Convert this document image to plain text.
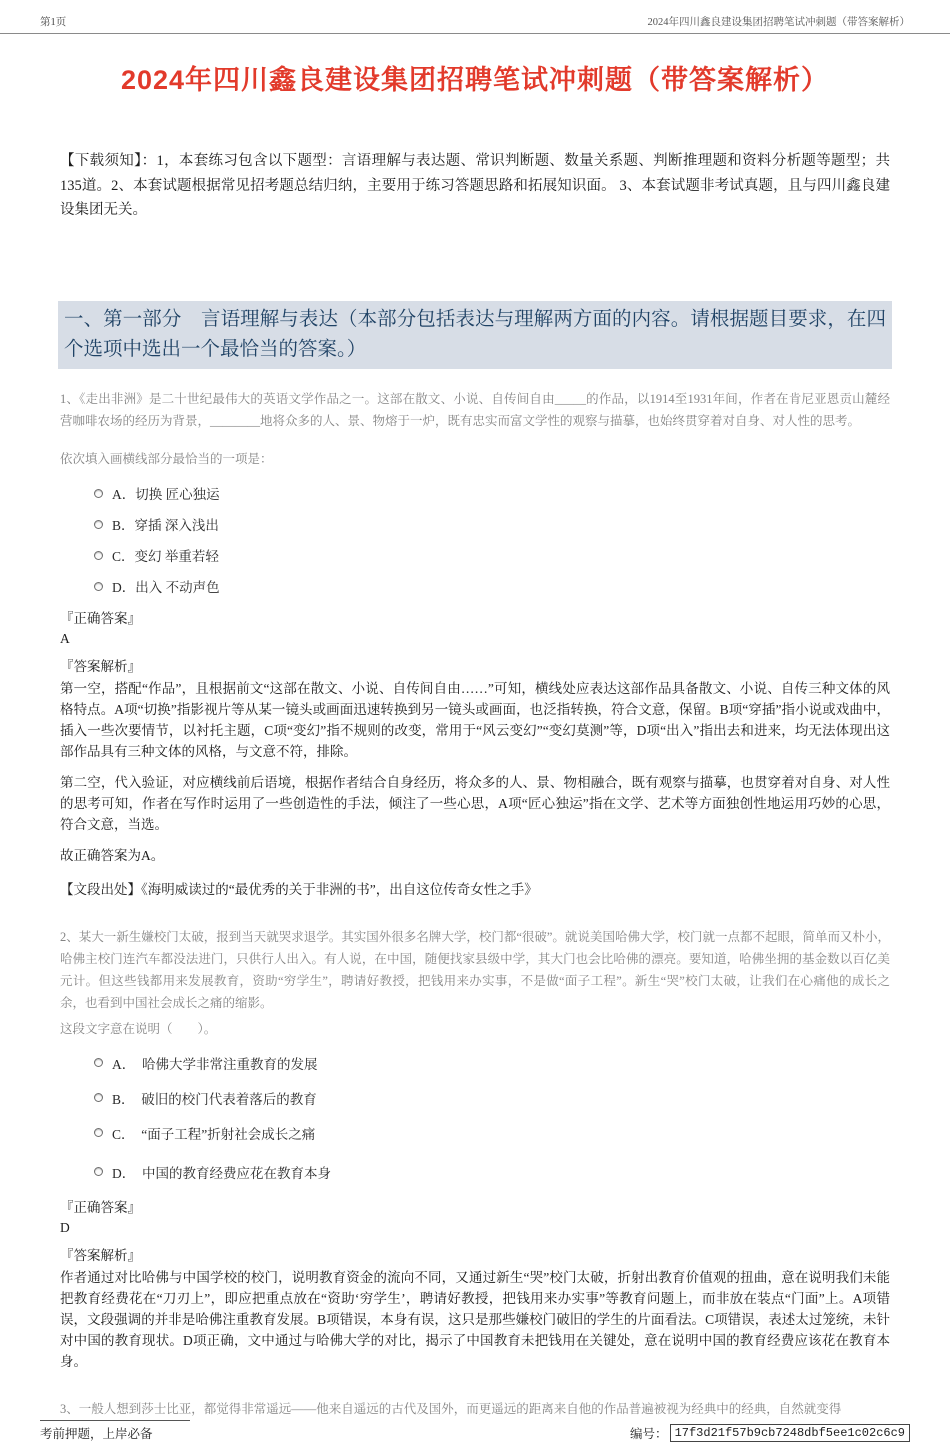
第1页	2024年四川鑫良建设集团招聘笔试冲刺题（带答案解析）
2024年四川鑫良建设集团招聘笔试冲刺题（带答案解析）

【下载须知】：1，本套练习包含以下题型：言语理解与表达题、常识判断题、数量关系题、判断推理题和资料分析题等题型；共135道。2、本套试题根据常见招考题总结归纳，主要用于练习答题思路和拓展知识面。 3、本套试题非考试真题，且与四川鑫良建设集团无关。

一、第一部分　言语理解与表达（本部分包括表达与理解两方面的内容。请根据题目要求，在四个选项中选出一个最恰当的答案。）

1、《走出非洲》是二十世纪最伟大的英语文学作品之一。这部在散文、小说、自传间自由_____的作品，以1914至1931年间，作者在肯尼亚恩贡山麓经营咖啡农场的经历为背景，________地将众多的人、景、物熔于一炉，既有忠实而富文学性的观察与描摹，也始终贯穿着对自身、对人性的思考。

依次填入画横线部分最恰当的一项是：

A．切换 匠心独运
B．穿插 深入浅出
C．变幻 举重若轻
D．出入 不动声色

『正确答案』

A

『答案解析』

第一空，搭配“作品”，且根据前文“这部在散文、小说、自传间自由……”可知，横线处应表达这部作品具备散文、小说、自传三种文体的风格特点。A项“切换”指影视片等从某一镜头或画面迅速转换到另一镜头或画面，也泛指转换，符合文意，保留。B项“穿插”指小说或戏曲中，插入一些次要情节，以衬托主题，C项“变幻”指不规则的改变，常用于“风云变幻”“变幻莫测”等，D项“出入”指出去和进来，均无法体现出这部作品具有三种文体的风格，与文意不符，排除。

第二空，代入验证，对应横线前后语境，根据作者结合自身经历，将众多的人、景、物相融合，既有观察与描摹，也贯穿着对自身、对人性的思考可知，作者在写作时运用了一些创造性的手法，倾注了一些心思，A项“匠心独运”指在文学、艺术等方面独创性地运用巧妙的心思，符合文意，当选。

故正确答案为A。

【文段出处】《海明威读过的“最优秀的关于非洲的书”，出自这位传奇女性之手》

2、某大一新生嫌校门太破，报到当天就哭求退学。其实国外很多名牌大学，校门都“很破”。就说美国哈佛大学，校门就一点都不起眼，简单而又朴小，哈佛主校门连汽车都没法进门，只供行人出入。有人说，在中国，随便找家县级中学，其大门也会比哈佛的漂亮。要知道，哈佛坐拥的基金数以百亿美元计。但这些钱都用来发展教育，资助“穷学生”，聘请好教授，把钱用来办实事，不是做“面子工程”。新生“哭”校门太破，让我们在心痛他的成长之余，也看到中国社会成长之痛的缩影。

这段文字意在说明（　　）。

A．　哈佛大学非常注重教育的发展
B．　破旧的校门代表着落后的教育
C．　“面子工程”折射社会成长之痛
D．　中国的教育经费应花在教育本身

『正确答案』

D

『答案解析』

作者通过对比哈佛与中国学校的校门，说明教育资金的流向不同，又通过新生“哭”校门太破，折射出教育价值观的扭曲，意在说明我们未能把教育经费花在“刀刃上”，即应把重点放在“资助‘穷学生’，聘请好教授，把钱用来办实事”等教育问题上，而非放在装点“门面”上。A项错误，文段强调的并非是哈佛注重教育发展。B项错误，本身有误，这只是那些嫌校门破旧的学生的片面看法。C项错误，表述太过笼统，未针对中国的教育现状。D项正确，文中通过与哈佛大学的对比，揭示了中国教育未把钱用在关键处，意在说明中国的教育经费应该花在教育本身。

3、一般人想到莎士比亚，都觉得非常遥远——他来自遥远的古代及国外，而更遥远的距离来自他的作品普遍被视为经典中的经典，自然就变得

考前押题，上岸必备	编号： 17f3d21f57b9cb7248dbf5ee1c02c6c9
